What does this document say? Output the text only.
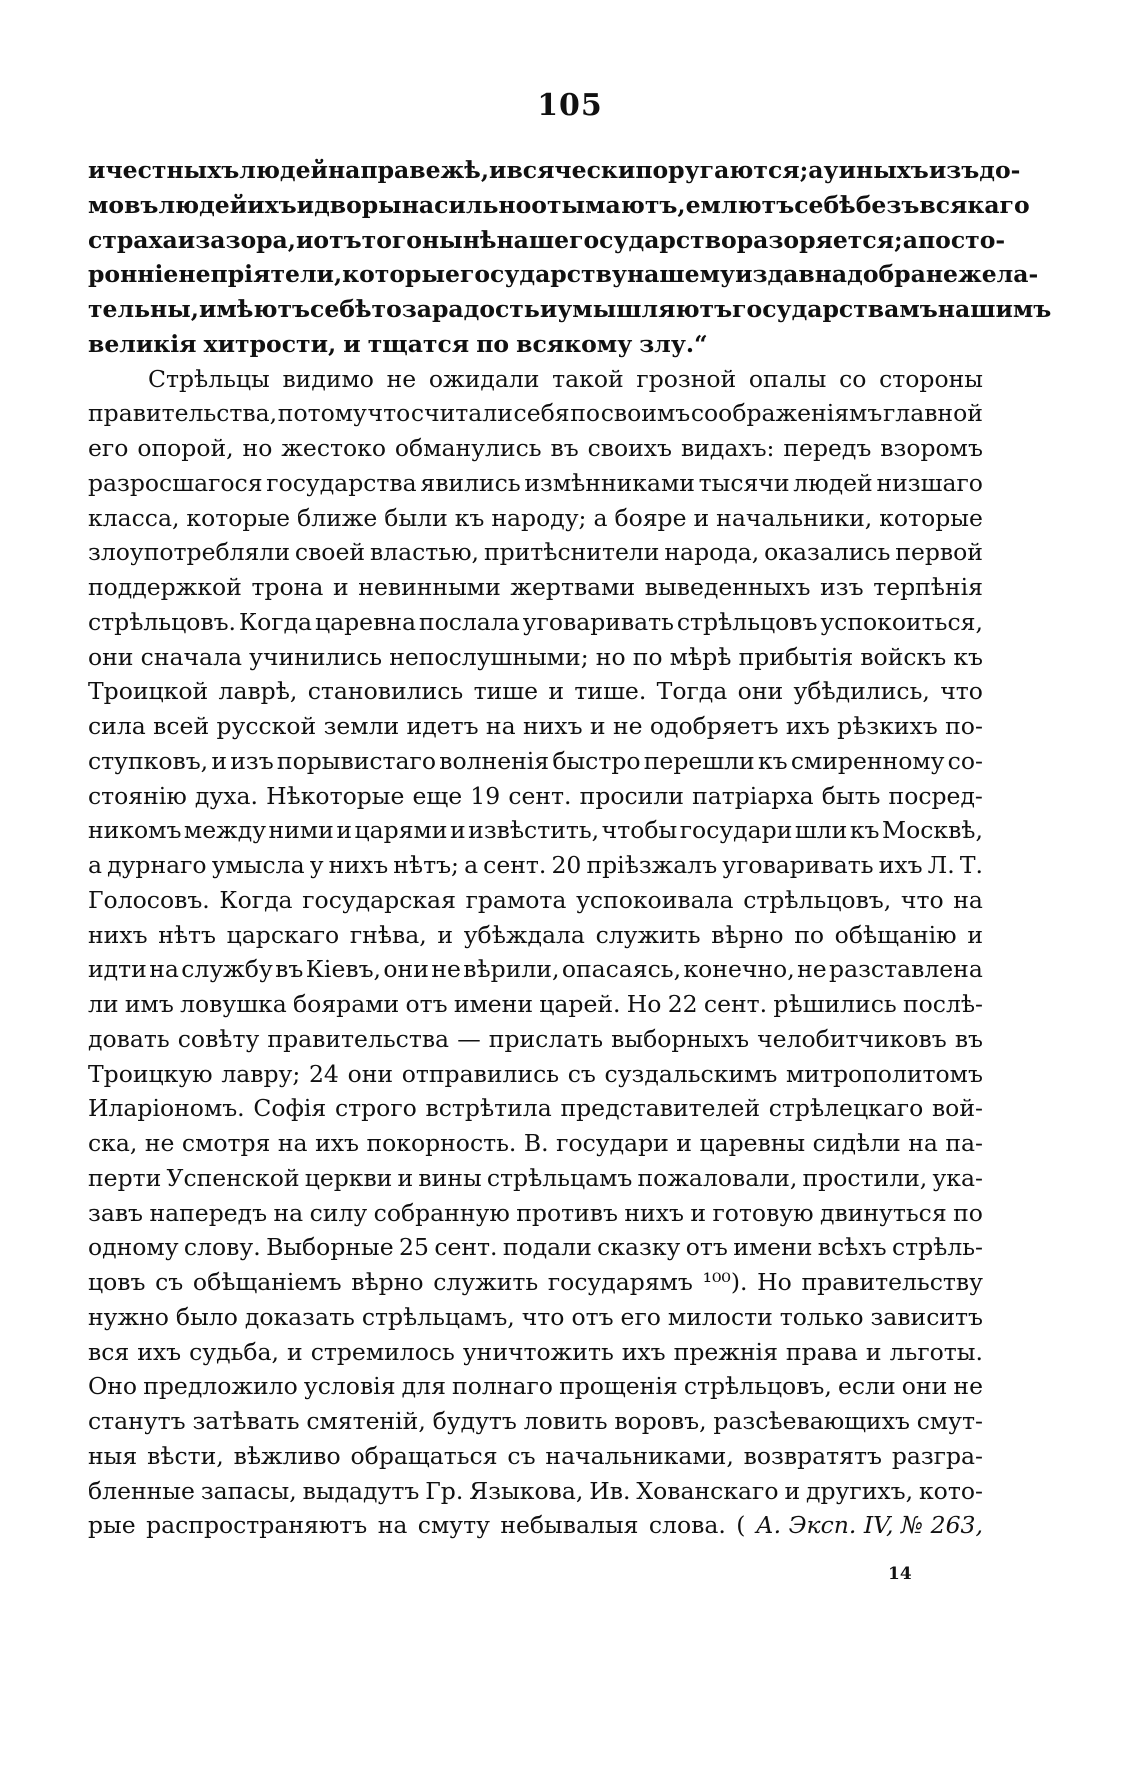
105
и честныхъ людей на правежѣ, и всячески поругаются; а у иныхъ изъ до-
мовъ людей ихъ и дворы насильно отымаютъ, емлютъ себѣ безъ всякаго
страха и зазора, и отъ того нынѣ наше государство разоряется; а посто-
ронніе непріятели, которые государству нашему издавна добра не жела-
тельны, имѣютъ себѣ то за радость и умышляютъ государствамъ нашимъ
великія хитрости, и тщатся по всякому злу.“
Стрѣльцы видимо не ожидали такой грозной опалы со стороны
правительства, потому что считали себя по своимъ соображеніямъ главной
его опорой, но жестоко обманулись въ своихъ видахъ: передъ взоромъ
разросшагося государства явились измѣнниками тысячи людей низшаго
класса, которые ближе были къ народу; а бояре и начальники, которые
злоупотребляли своей властью, притѣснители народа, оказались первой
поддержкой трона и невинными жертвами выведенныхъ изъ терпѣнія
стрѣльцовъ. Когда царевна послала уговаривать стрѣльцовъ успокоиться,
они сначала учинились непослушными; но по мѣрѣ прибытія войскъ къ
Троицкой лаврѣ, становились тише и тише. Тогда они убѣдились, что
сила всей русской земли идетъ на нихъ и не одобряетъ ихъ рѣзкихъ по-
ступковъ, и изъ порывистаго волненія быстро перешли къ смиренному со-
стоянію духа. Нѣкоторые еще 19 сент. просили патріарха быть посред-
никомъ между ними и царями и извѣстить, чтобы государи шли къ Москвѣ,
а дурнаго умысла у нихъ нѣтъ; а сент. 20 пріѣзжалъ уговаривать ихъ Л. Т.
Голосовъ. Когда государская грамота успокоивала стрѣльцовъ, что на
нихъ нѣтъ царскаго гнѣва, и убѣждала служить вѣрно по обѣщанію и
идти на службу въ Кіевъ, они не вѣрили, опасаясь, конечно, не разставлена
ли имъ ловушка боярами отъ имени царей. Но 22 сент. рѣшились послѣ-
довать совѣту правительства — прислать выборныхъ челобитчиковъ въ
Троицкую лавру; 24 они отправились съ суздальскимъ митрополитомъ
Иларіономъ. Софія строго встрѣтила представителей стрѣлецкаго вой-
ска, не смотря на ихъ покорность. В. государи и царевны сидѣли на па-
перти Успенской церкви и вины стрѣльцамъ пожаловали, простили, ука-
завъ напередъ на силу собранную противъ нихъ и готовую двинуться по
одному слову. Выборные 25 сент. подали сказку отъ имени всѣхъ стрѣль-
цовъ съ обѣщаніемъ вѣрно служить государямъ ¹⁰⁰). Но правительству
нужно было доказать стрѣльцамъ, что отъ его милости только зависитъ
вся ихъ судьба, и стремилось уничтожить ихъ прежнія права и льготы.
Оно предложило условія для полнаго прощенія стрѣльцовъ, если они не
станутъ затѣвать смятеній, будутъ ловить воровъ, разсѣевающихъ смут-
ныя вѣсти, вѣжливо обращаться съ начальниками, возвратятъ разгра-
бленные запасы, выдадутъ Гр. Языкова, Ив. Хованскаго и другихъ, кото-
рые распространяютъ на смуту небывалыя слова. ( А. Эксп. IV, № 263,
14
